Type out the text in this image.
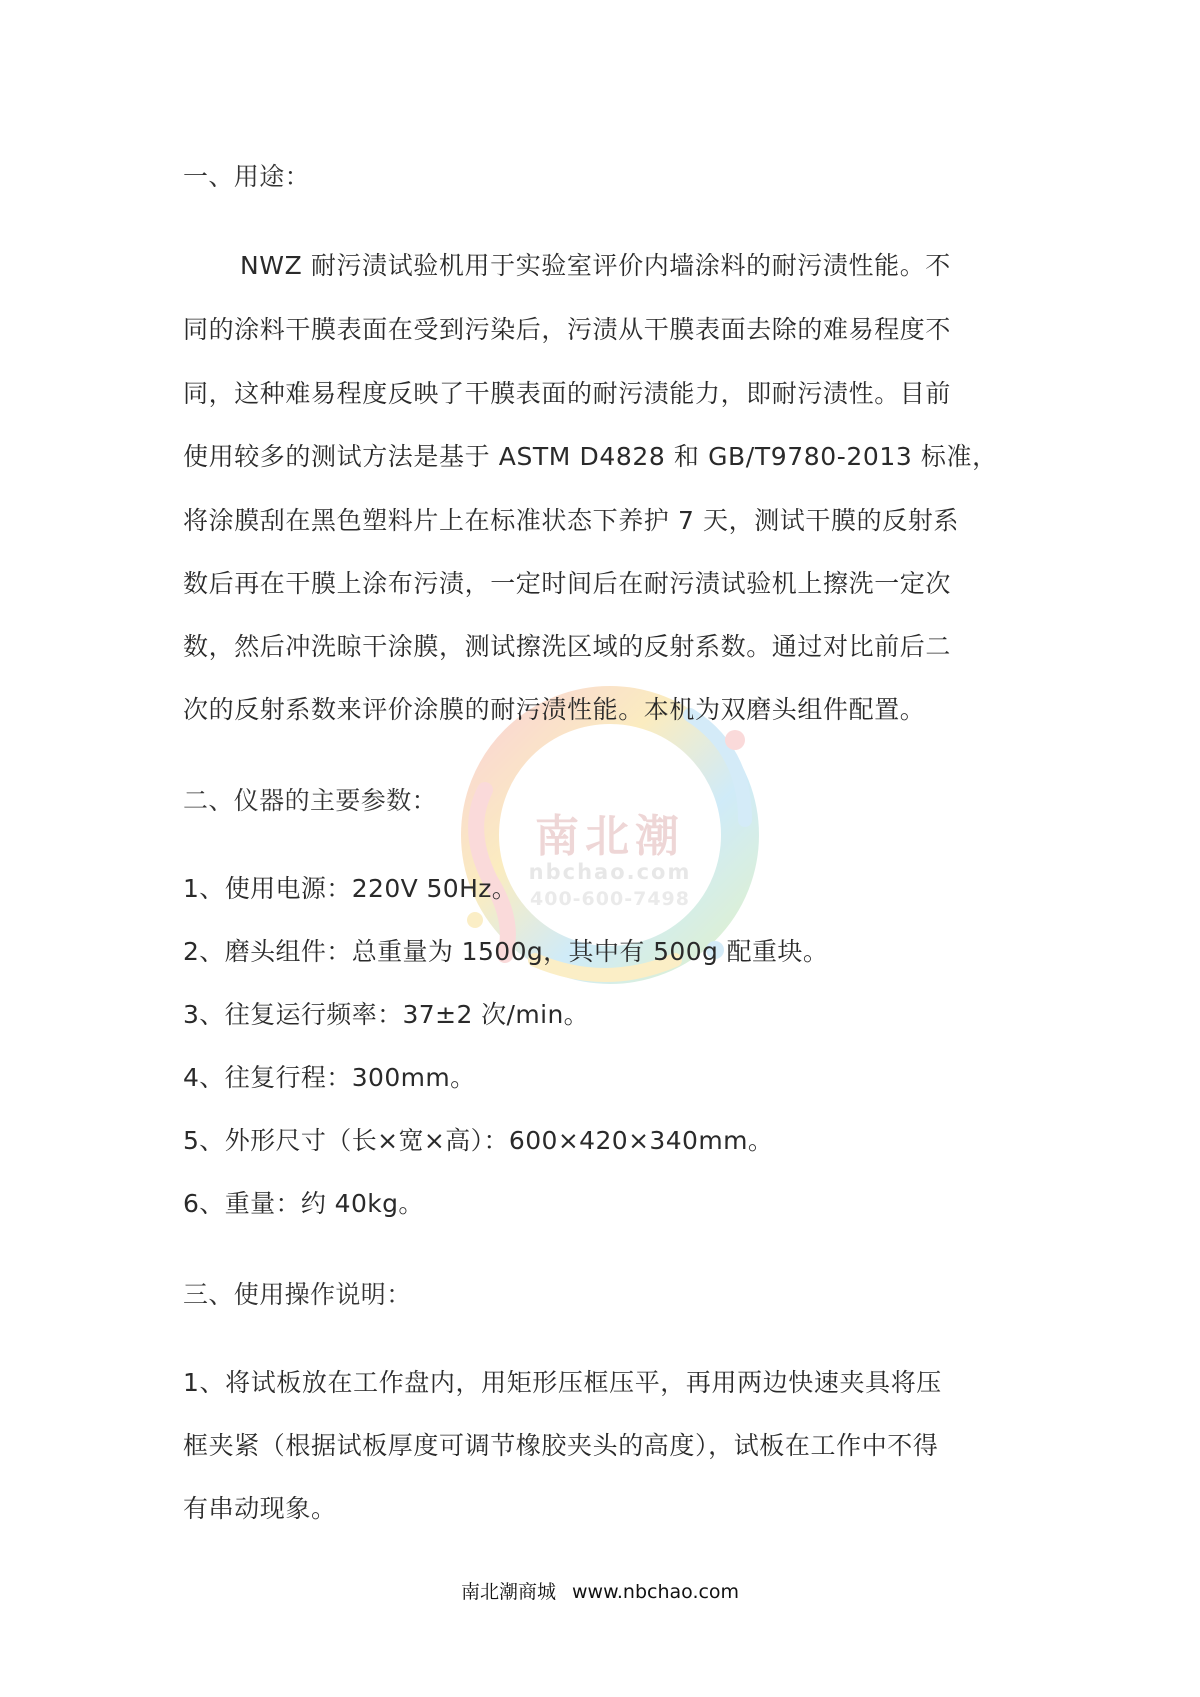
南北潮
nbchao.com
400-600-7498
一、用途：
NWZ 耐污渍试验机用于实验室评价内墙涂料的耐污渍性能。不
同的涂料干膜表面在受到污染后，污渍从干膜表面去除的难易程度不
同，这种难易程度反映了干膜表面的耐污渍能力，即耐污渍性。目前
使用较多的测试方法是基于 ASTM D4828 和 GB/T9780-2013 标准，
将涂膜刮在黑色塑料片上在标准状态下养护 7 天，测试干膜的反射系
数后再在干膜上涂布污渍，一定时间后在耐污渍试验机上擦洗一定次
数，然后冲洗晾干涂膜，测试擦洗区域的反射系数。通过对比前后二
次的反射系数来评价涂膜的耐污渍性能。本机为双磨头组件配置。
二、仪器的主要参数：
1、使用电源：220V 50Hz。
2、磨头组件：总重量为 1500g，其中有 500g 配重块。
3、往复运行频率：37±2 次/min。
4、往复行程：300mm。
5、外形尺寸（长×宽×高）：600×420×340mm。
6、重量：约 40kg。
三、使用操作说明：
1、将试板放在工作盘内，用矩形压框压平，再用两边快速夹具将压
框夹紧（根据试板厚度可调节橡胶夹头的高度），试板在工作中不得
有串动现象。
南北潮商城 www.nbchao.com
